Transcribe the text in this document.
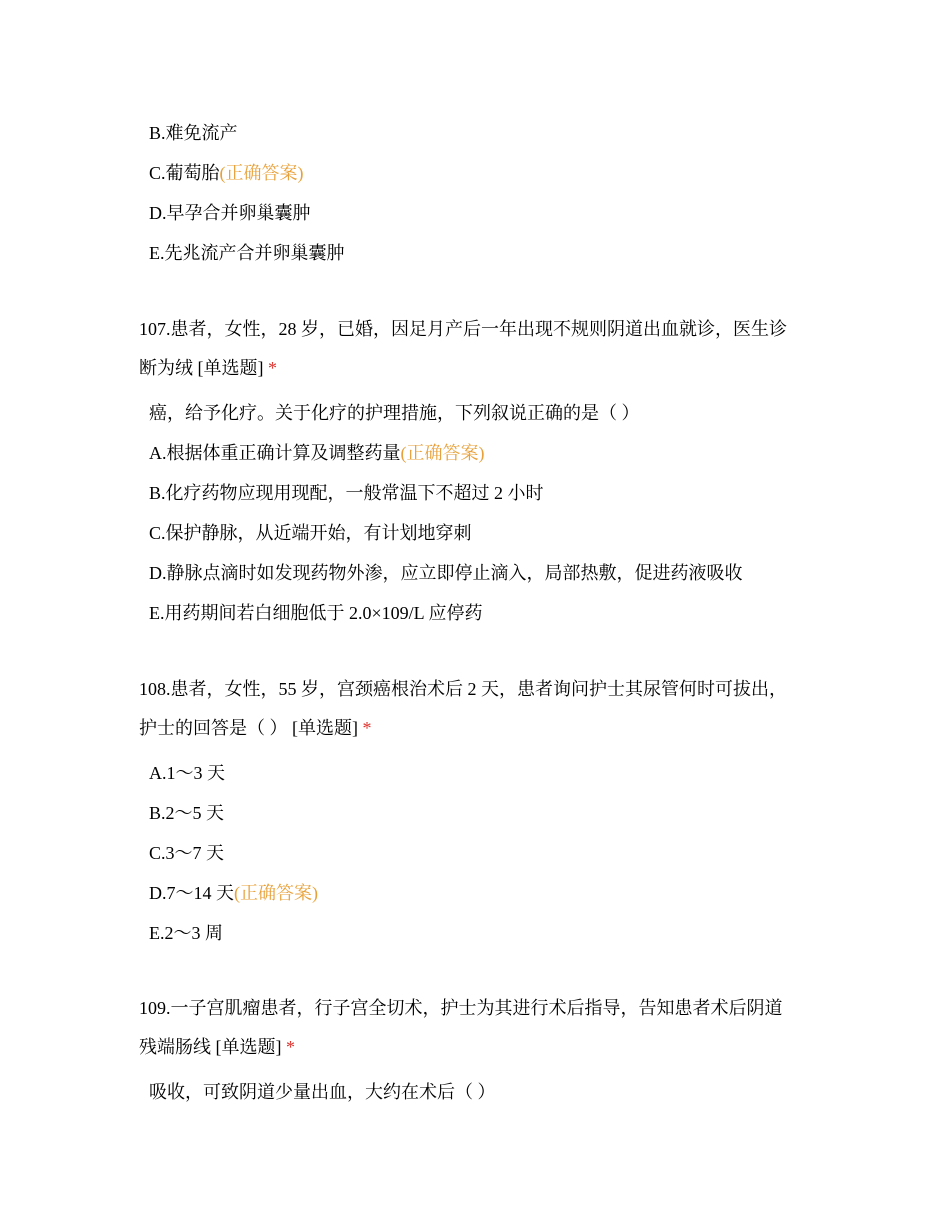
B.难免流产
C.葡萄胎(正确答案)
D.早孕合并卵巢囊肿
E.先兆流产合并卵巢囊肿
107.患者，女性，28 岁，已婚，因足月产后一年出现不规则阴道出血就诊，医生诊
断为绒 [单选题] *
癌，给予化疗。关于化疗的护理措施，下列叙说正确的是（ ）
A.根据体重正确计算及调整药量(正确答案)
B.化疗药物应现用现配，一般常温下不超过 2 小时
C.保护静脉，从近端开始，有计划地穿刺
D.静脉点滴时如发现药物外渗，应立即停止滴入，局部热敷，促进药液吸收
E.用药期间若白细胞低于 2.0×109/L 应停药
108.患者，女性，55 岁，宫颈癌根治术后 2 天，患者询问护士其尿管何时可拔出，
护士的回答是（ ） [单选题] *
A.1～3 天
B.2～5 天
C.3～7 天
D.7～14 天(正确答案)
E.2～3 周
109.一子宫肌瘤患者，行子宫全切术，护士为其进行术后指导，告知患者术后阴道
残端肠线 [单选题] *
吸收，可致阴道少量出血，大约在术后（ ）
